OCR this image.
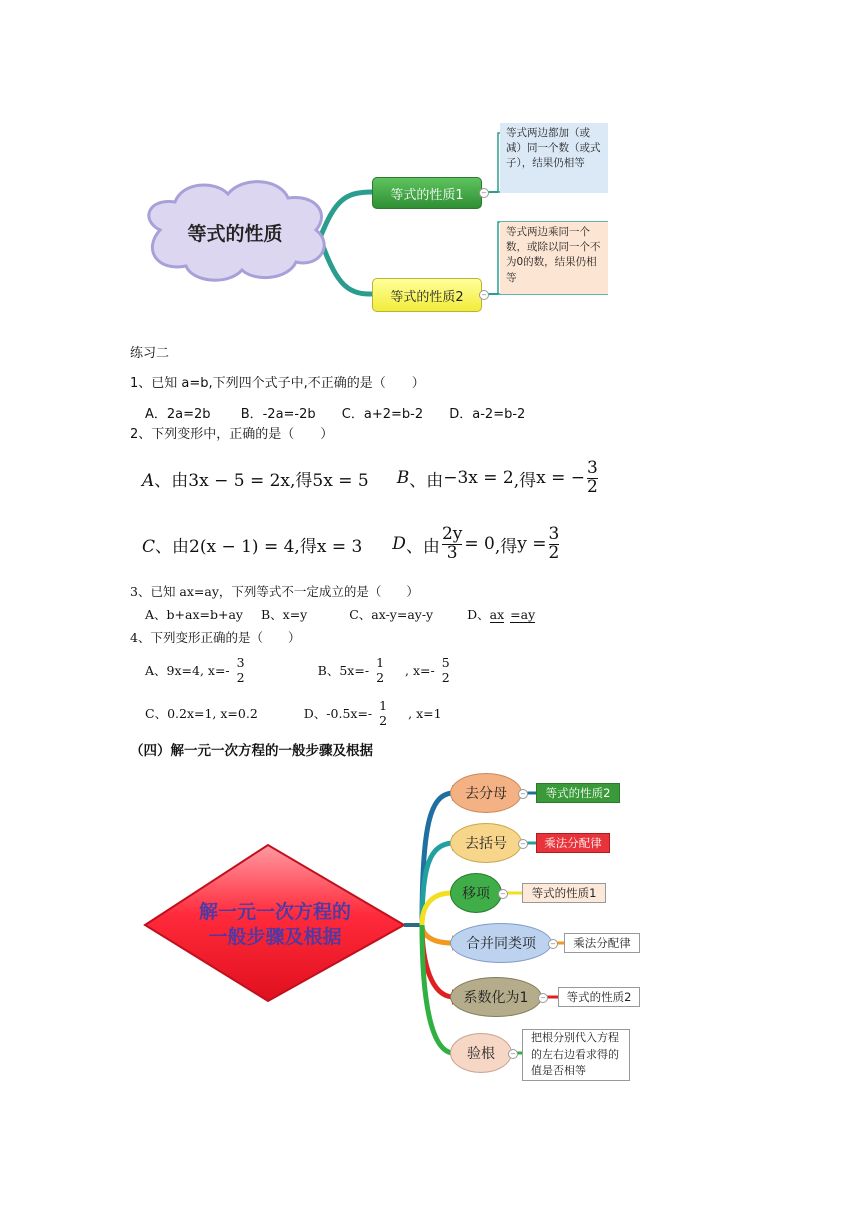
等式的性质
等式的性质1	−
等式的性质2	−
等式两边都加（或减）同一个数（或式子），结果仍相等
等式两边乘同一个数，或除以同一个不为0的数，结果仍相等
练习二
1、已知 a=b,下列四个式子中,不正确的是（　　）
A．2a=2b B．-2a=-2b C．a+2=b-2 D．a-2=b-2
2、下列变形中，正确的是（　　）
A、由3x − 5 = 2x,得5x = 5 B 、由 −3x = 2 ,得 x = − $\frac{3}{2}$
C、由2(x − 1) = 4,得x = 3 D 、由 $\frac{2y}{3} = 0$ ,得 $y = \frac{3}{2}$
3、已知 ax=ay，下列等式不一定成立的是（　　）
A、b+ax=b+ay B、x=y	C、ax-y=ay-y	D、ax =ay
4、下列变形正确的是（　　）
A、9x=4, x=-
3
2	B、5x=-
1
2 , x=- 5
2
C、0.2x=1, x=0.2	D、-0.5x=-
1
2 , x=1
（四）解一元一次方程的一般步骤及根据
解一元一次方程的
一般步骤及根据
去分母
去括号
移项
合并同类项
系数化为1
验根
等式的性质2
乘法分配律
等式的性质1
乘法分配律
等式的性质2
把根分别代入方程的左右边看求得的值是否相等
−
−
−
−
−
−
